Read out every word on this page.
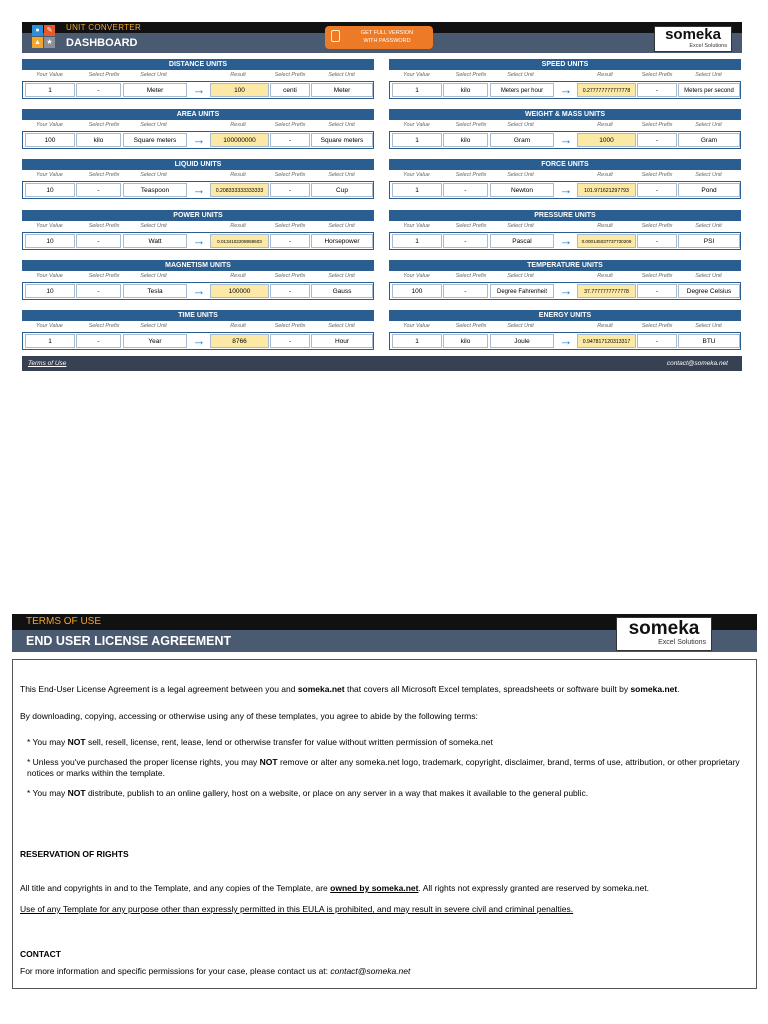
● ✎
▲ ★
UNIT CONVERTER
DASHBOARD
GET FULL VERSION
WITH PASSWORD	someka
Excel Solutions
DISTANCE UNITS
Your Value	Select Prefix	Select Unit	Result	Select Prefix	Select Unit
1	-	Meter	100	centi	Meter
→
SPEED UNITS
Your Value	Select Prefix	Select Unit	Result	Select Prefix	Select Unit
1	kilo	Meters per hour	0.277777777777778	-	Meters per second
→
AREA UNITS
Your Value	Select Prefix	Select Unit	Result	Select Prefix	Select Unit
100	kilo	Square meters	100000000	-	Square meters
→
WEIGHT & MASS UNITS
Your Value	Select Prefix	Select Unit	Result	Select Prefix	Select Unit
1	kilo	Gram	1000	-	Gram
→
LIQUID UNITS
Your Value	Select Prefix	Select Unit	Result	Select Prefix	Select Unit
10	-	Teaspoon	0.208333333333333	-	Cup
→
FORCE UNITS
Your Value	Select Prefix	Select Unit	Result	Select Prefix	Select Unit
1	-	Newton	101.971621297793	-	Pond
→
POWER UNITS
Your Value	Select Prefix	Select Unit	Result	Select Prefix	Select Unit
10	-	Watt	0.0134102208959503	-	Horsepower
→
PRESSURE UNITS
Your Value	Select Prefix	Select Unit	Result	Select Prefix	Select Unit
1	-	Pascal	0.000145037737730209	-	PSI
→
MAGNETISM UNITS
Your Value	Select Prefix	Select Unit	Result	Select Prefix	Select Unit
10	-	Tesla	100000	-	Gauss
→
TEMPERATURE UNITS
Your Value	Select Prefix	Select Unit	Result	Select Prefix	Select Unit
100	-	Degree Fahrenheit	37.7777777777778	-	Degree Celsius
→
TIME UNITS
Your Value	Select Prefix	Select Unit	Result	Select Prefix	Select Unit
1	-	Year	8766	-	Hour
→
ENERGY UNITS
Your Value	Select Prefix	Select Unit	Result	Select Prefix	Select Unit
1	kilo	Joule	0.947817120313317	-	BTU
→
Terms of Use	contact@someka.net
TERMS OF USE
END USER LICENSE AGREEMENT
someka
Excel Solutions
This End-User License Agreement is a legal agreement between you and someka.net that covers all Microsoft Excel templates, spreadsheets or software built by someka.net.
By downloading, copying, accessing or otherwise using any of these templates, you agree to abide by the following terms:
* You may NOT sell, resell, license, rent, lease, lend or otherwise transfer for value without written permission of someka.net
* Unless you've purchased the proper license rights, you may NOT remove or alter any someka.net logo, trademark, copyright, disclaimer, brand, terms of use, attribution, or other proprietary notices or marks within the template.
* You may NOT distribute, publish to an online gallery, host on a website, or place on any server in a way that makes it available to the general public.
RESERVATION OF RIGHTS
All title and copyrights in and to the Template, and any copies of the Template, are owned by someka.net. All rights not expressly granted are reserved by someka.net.
Use of any Template for any purpose other than expressly permitted in this EULA is prohibited, and may result in severe civil and criminal penalties.
CONTACT
For more information and specific permissions for your case, please contact us at: contact@someka.net
